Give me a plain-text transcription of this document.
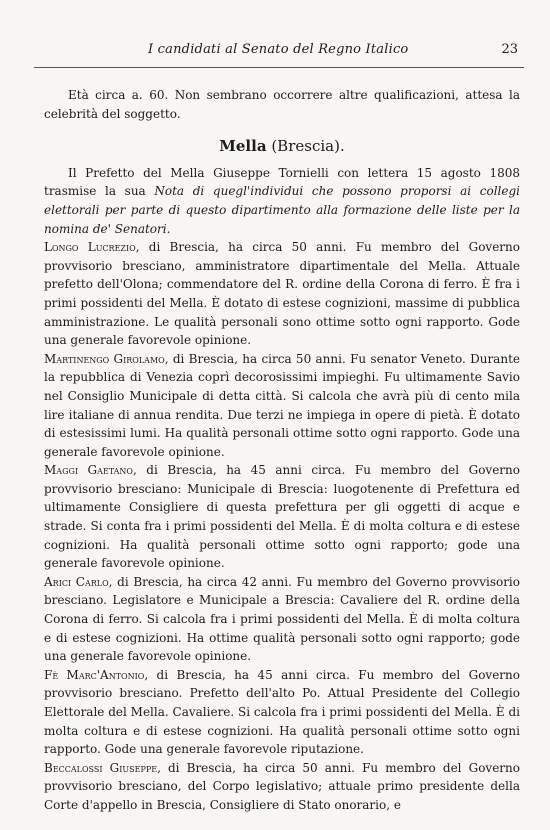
I candidati al Senato del Regno Italico	23

Età circa a. 60. Non sembrano occorrere altre qualificazioni, attesa la celebrità del soggetto.

Mella (Brescia).

Il Prefetto del Mella Giuseppe Tornielli con lettera 15 agosto 1808 trasmise la sua Nota di quegl'individui che possono proporsi ai collegi elettorali per parte di questo dipartimento alla formazione delle liste per la nomina de' Senatori.

Longo Lucrezio, di Brescia, ha circa 50 anni. Fu membro del Governo provvisorio bresciano, amministratore dipartimentale del Mella. Attuale prefetto dell'Olona; commendatore del R. ordine della Corona di ferro. È fra i primi possidenti del Mella. È dotato di estese cognizioni, massime di pubblica amministrazione. Le qualità personali sono ottime sotto ogni rapporto. Gode una generale favorevole opinione.

Martinengo Girolamo, di Brescia, ha circa 50 anni. Fu senator Veneto. Durante la repubblica di Venezia coprì decorosissimi impieghi. Fu ultimamente Savio nel Consiglio Municipale di detta città. Si calcola che avrà più di cento mila lire italiane di annua rendita. Due terzi ne impiega in opere di pietà. È dotato di estesissimi lumi. Ha qualità personali ottime sotto ogni rapporto. Gode una generale favorevole opinione.

Maggi Gaetano, di Brescia, ha 45 anni circa. Fu membro del Governo provvisorio bresciano: Municipale di Brescia: luogotenente di Prefettura ed ultimamente Consigliere di questa prefettura per gli oggetti di acque e strade. Si conta fra i primi possidenti del Mella. È di molta coltura e di estese cognizioni. Ha qualità personali ottime sotto ogni rapporto; gode una generale favorevole opinione.

Arici Carlo, di Brescia, ha circa 42 anni. Fu membro del Governo provvisorio bresciano. Legislatore e Municipale a Brescia: Cavaliere del R. ordine della Corona di ferro. Si calcola fra i primi possidenti del Mella. È di molta coltura e di estese cognizioni. Ha ottime qualità personali sotto ogni rapporto; gode una generale favorevole opinione.

Fè Marc'Antonio, di Brescia, ha 45 anni circa. Fu membro del Governo provvisorio bresciano. Prefetto dell'alto Po. Attual Presidente del Collegio Elettorale del Mella. Cavaliere. Si calcola fra i primi possidenti del Mella. È di molta coltura e di estese cognizioni. Ha qualità personali ottime sotto ogni rapporto. Gode una generale favorevole riputazione.

Beccalossi Giuseppe, di Brescia, ha circa 50 anni. Fu membro del Governo provvisorio bresciano, del Corpo legislativo; attuale primo presidente della Corte d'appello in Brescia, Consigliere di Stato onorario, e
